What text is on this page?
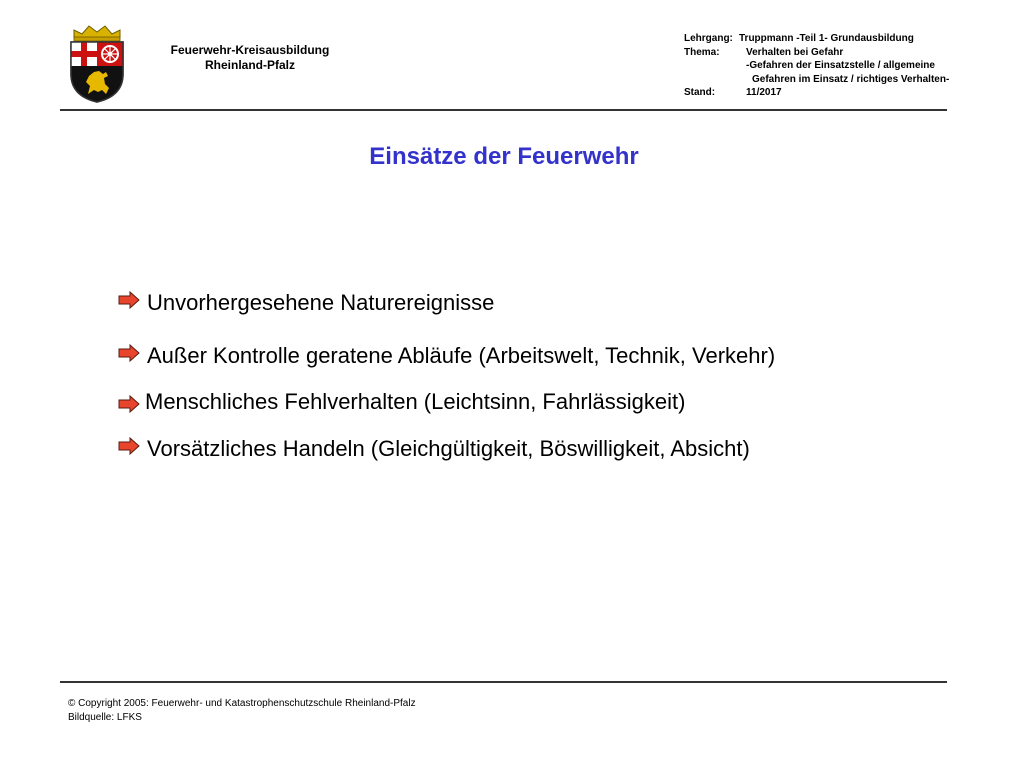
Feuerwehr-Kreisausbildung
Rheinland-Pfalz
Lehrgang: Truppmann -Teil 1- Grundausbildung
Thema:	Verhalten bei Gefahr
-Gefahren der Einsatzstelle / allgemeine
Gefahren im Einsatz / richtiges Verhalten-
Stand:	11/2017
Einsätze der Feuerwehr
Unvorhergesehene Naturereignisse
Außer Kontrolle geratene Abläufe (Arbeitswelt, Technik, Verkehr)
Menschliches Fehlverhalten (Leichtsinn, Fahrlässigkeit)
Vorsätzliches Handeln (Gleichgültigkeit, Böswilligkeit, Absicht)
© Copyright 2005: Feuerwehr- und Katastrophenschutzschule Rheinland-Pfalz
Bildquelle: LFKS
